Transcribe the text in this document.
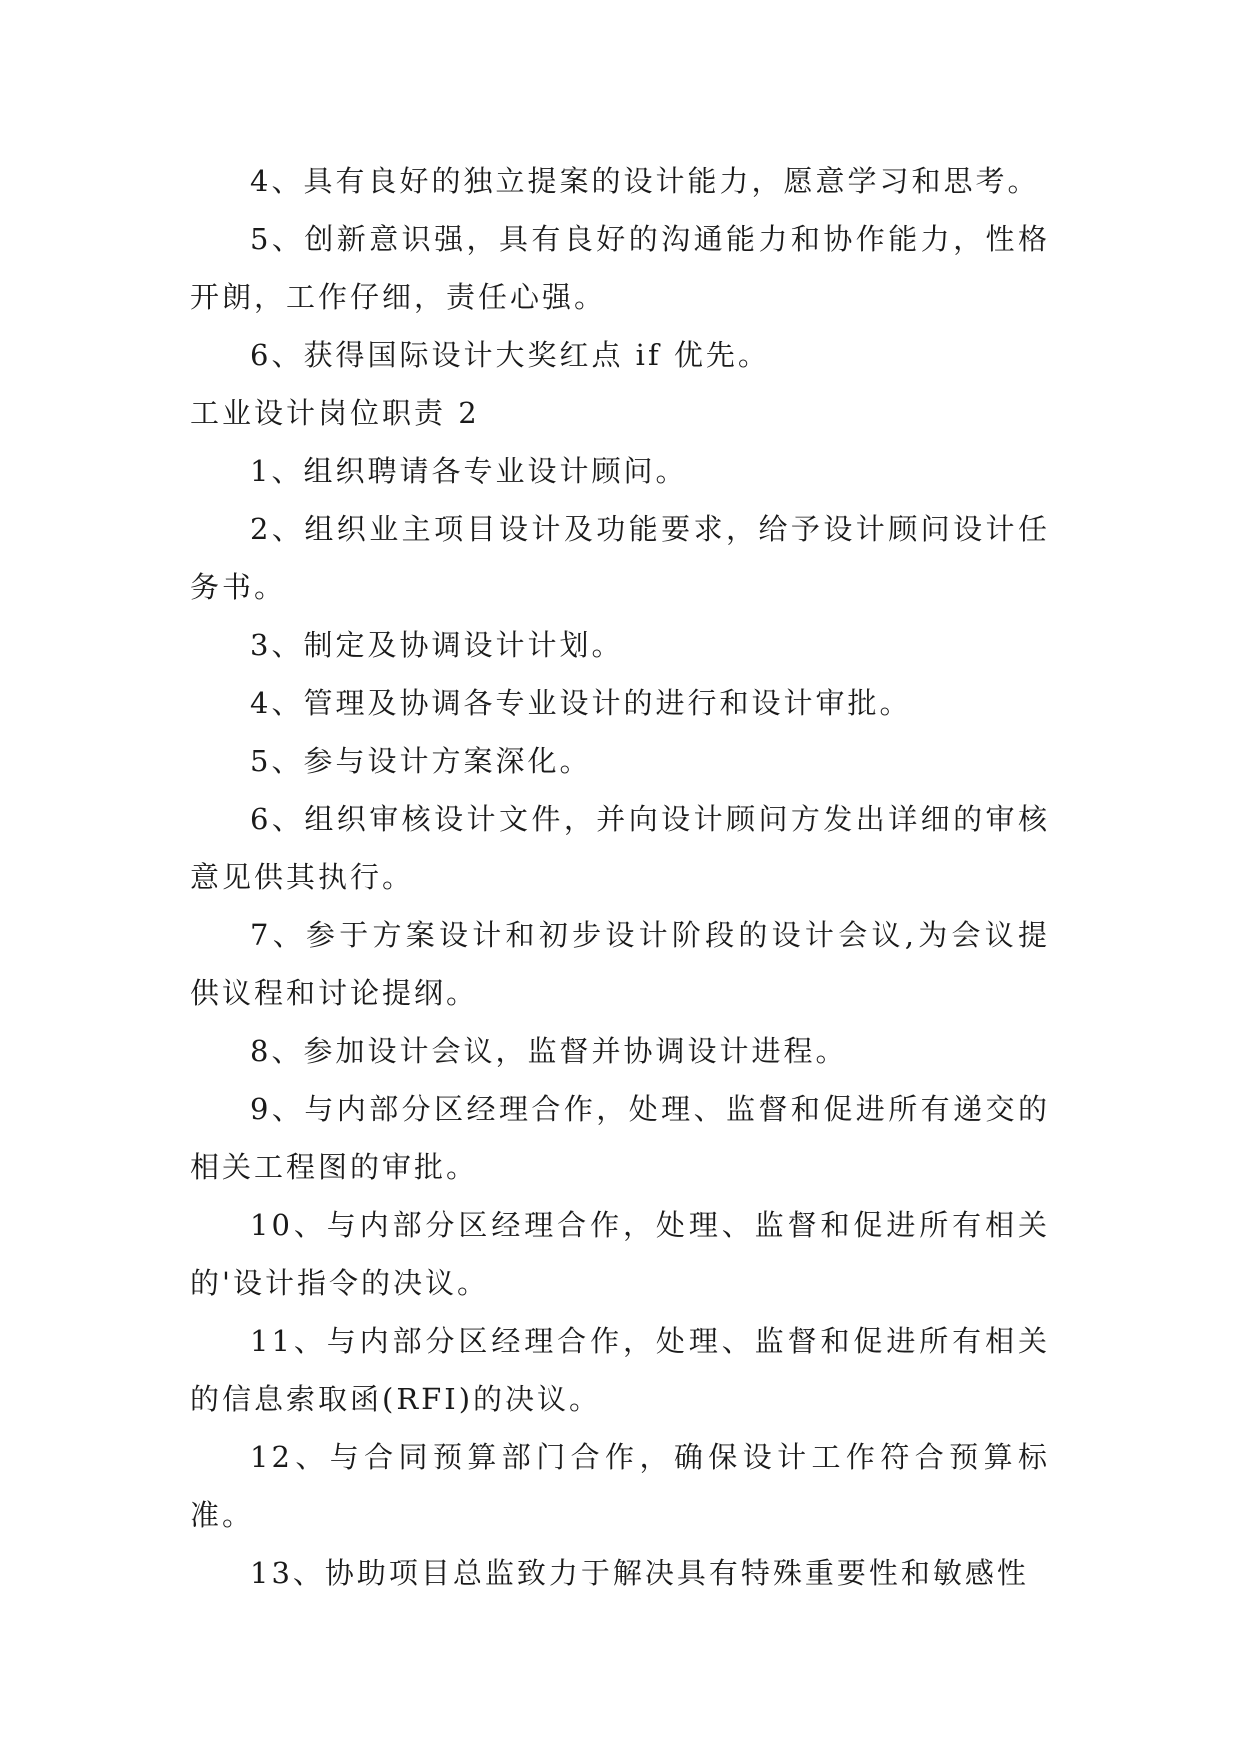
4、具有良好的独立提案的设计能力，愿意学习和思考。

5、创新意识强，具有良好的沟通能力和协作能力，性格开朗，工作仔细，责任心强。

6、获得国际设计大奖红点 if 优先。

工业设计岗位职责 2

1、组织聘请各专业设计顾问。

2、组织业主项目设计及功能要求，给予设计顾问设计任务书。

3、制定及协调设计计划。

4、管理及协调各专业设计的进行和设计审批。

5、参与设计方案深化。

6、组织审核设计文件，并向设计顾问方发出详细的审核意见供其执行。

7、参于方案设计和初步设计阶段的设计会议,为会议提供议程和讨论提纲。

8、参加设计会议，监督并协调设计进程。

9、与内部分区经理合作，处理、监督和促进所有递交的相关工程图的审批。

10、与内部分区经理合作，处理、监督和促进所有相关的'设计指令的决议。

11、与内部分区经理合作，处理、监督和促进所有相关的信息索取函(RFI)的决议。

12、与合同预算部门合作，确保设计工作符合预算标准。

13、协助项目总监致力于解决具有特殊重要性和敏感性
